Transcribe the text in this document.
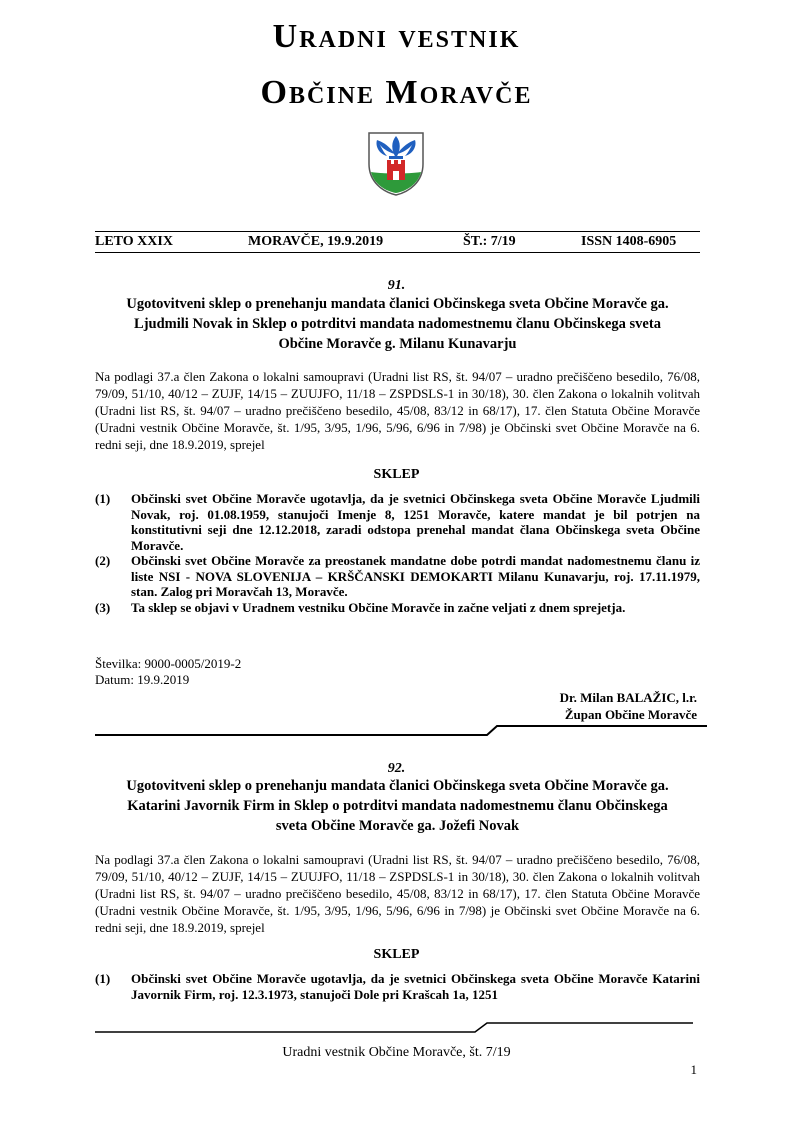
Uradni vestnik
Občine Moravče
LETO XXIX	MORAVČE, 19.9.2019	ŠT.: 7/19	ISSN 1408-6905
91.
Ugotovitveni sklep o prenehanju mandata članici Občinskega sveta Občine Moravče ga.
Ljudmili Novak in Sklep o potrditvi mandata nadomestnemu članu Občinskega sveta
Občine Moravče g. Milanu Kunavarju
Na podlagi 37.a člen Zakona o lokalni samoupravi (Uradni list RS, št. 94/07 – uradno prečiščeno besedilo, 76/08, 79/09, 51/10, 40/12 – ZUJF, 14/15 – ZUUJFO, 11/18 – ZSPDSLS-1 in 30/18), 30. člen Zakona o lokalnih volitvah (Uradni list RS, št. 94/07 – uradno prečiščeno besedilo, 45/08, 83/12 in 68/17), 17. člen Statuta Občine Moravče (Uradni vestnik Občine Moravče, št. 1/95, 3/95, 1/96, 5/96, 6/96 in 7/98) je Občinski svet Občine Moravče na 6. redni seji, dne 18.9.2019, sprejel
SKLEP
(1) Občinski svet Občine Moravče ugotavlja, da je svetnici Občinskega sveta Občine Moravče Ljudmili Novak, roj. 01.08.1959, stanujoči Imenje 8, 1251 Moravče, katere mandat je bil potrjen na konstitutivni seji dne 12.12.2018, zaradi odstopa prenehal mandat člana Občinskega sveta Občine Moravče.
(2) Občinski svet Občine Moravče za preostanek mandatne dobe potrdi mandat nadomestnemu članu iz liste NSI - NOVA SLOVENIJA – KRŠČANSKI DEMOKARTI Milanu Kunavarju, roj. 17.11.1979, stan. Zalog pri Moravčah 13, Moravče.
(3) Ta sklep se objavi v Uradnem vestniku Občine Moravče in začne veljati z dnem sprejetja.
Številka: 9000-0005/2019-2
Datum: 19.9.2019
Dr. Milan BALAŽIC, l.r.
Župan Občine Moravče
92.
Ugotovitveni sklep o prenehanju mandata članici Občinskega sveta Občine Moravče ga.
Katarini Javornik Firm in Sklep o potrditvi mandata nadomestnemu članu Občinskega
sveta Občine Moravče ga. Jožefi Novak
Na podlagi 37.a člen Zakona o lokalni samoupravi (Uradni list RS, št. 94/07 – uradno prečiščeno besedilo, 76/08, 79/09, 51/10, 40/12 – ZUJF, 14/15 – ZUUJFO, 11/18 – ZSPDSLS-1 in 30/18), 30. člen Zakona o lokalnih volitvah (Uradni list RS, št. 94/07 – uradno prečiščeno besedilo, 45/08, 83/12 in 68/17), 17. člen Statuta Občine Moravče (Uradni vestnik Občine Moravče, št. 1/95, 3/95, 1/96, 5/96, 6/96 in 7/98) je Občinski svet Občine Moravče na 6. redni seji, dne 18.9.2019, sprejel
SKLEP
(1) Občinski svet Občine Moravče ugotavlja, da je svetnici Občinskega sveta Občine Moravče Katarini Javornik Firm, roj. 12.3.1973, stanujoči Dole pri Krašcah 1a, 1251
Uradni vestnik Občine Moravče, št. 7/19
1
